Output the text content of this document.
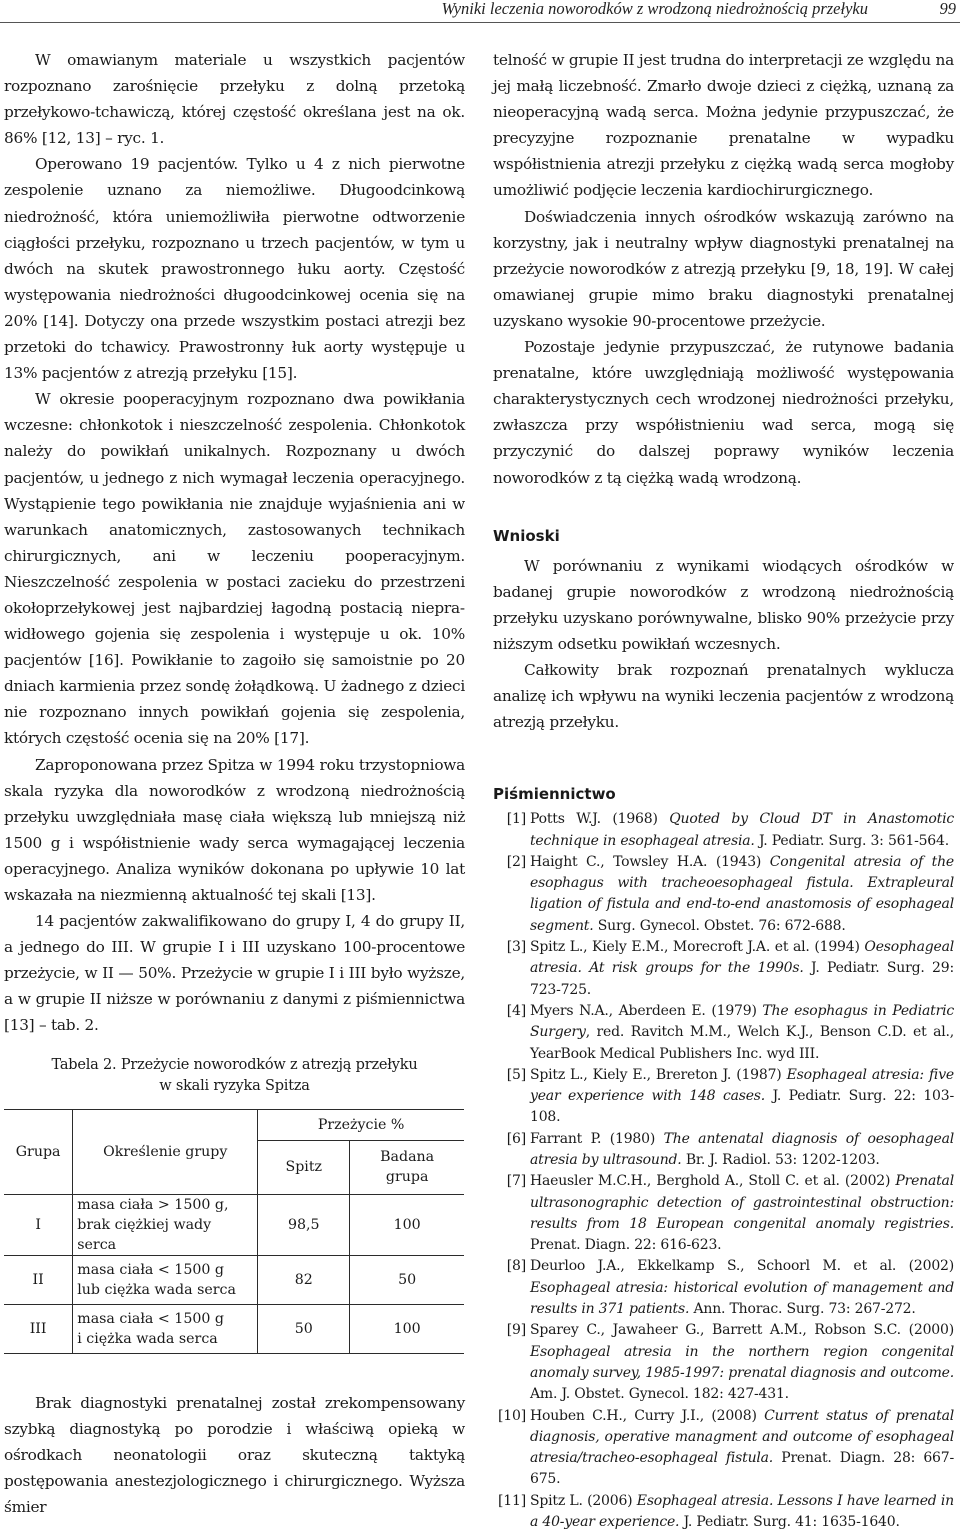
Wyniki leczenia noworodków z wrodzoną niedrożnością przełyku	99

W omawianym materiale u wszystkich pacjentów rozpoznano zarośnięcie przełyku z dolną przetoką przełykowo-tchawiczą, której częstość określana jest na ok. 86% [12, 13] – ryc. 1.

Operowano 19 pacjentów. Tylko u 4 z nich pierwotne zespolenie uznano za niemożliwe. Długoodcinkową niedrożność, która uniemożliwiła pierwotne odtworzenie ciągłości przełyku, rozpoznano u trzech pacjentów, w tym u dwóch na skutek prawostronnego łuku aorty. Częstość występowania niedrożności długoodcinkowej ocenia się na 20% [14]. Dotyczy ona przede wszystkim postaci atrezji bez przetoki do tchawicy. Prawostronny łuk aorty występuje u 13% pacjentów z atrezją przełyku [15].

W okresie pooperacyjnym rozpoznano dwa powikłania wczesne: chłonkotok i nieszczelność zespolenia. Chłonkotok należy do powikłań unikalnych. Rozpoznany u dwóch pacjentów, u jednego z nich wymagał leczenia operacyjnego. Wystąpienie tego powikłania nie znajduje wyjaśnienia ani w warunkach anatomicznych, zastosowanych technikach chirurgicznych, ani w leczeniu pooperacyjnym. Nieszczelność zespolenia w postaci zacieku do przestrzeni okołoprzełykowej jest najbardziej łagodną postacią nieprawidłowego gojenia się zespolenia i występuje u ok. 10% pacjentów [16]. Powikłanie to zagoiło się samoistnie po 20 dniach karmienia przez sondę żołądkową. U żadnego z dzieci nie rozpoznano innych powikłań gojenia się zespolenia, których częstość ocenia się na 20% [17].

Zaproponowana przez Spitza w 1994 roku trzystopniowa skala ryzyka dla noworodków z wrodzoną niedrożnością przełyku uwzględniała masę ciała większą lub mniejszą niż 1500 g i współistnienie wady serca wymagającej leczenia operacyjnego. Analiza wyników dokonana po upływie 10 lat wskazała na niezmienną aktualność tej skali [13].

14 pacjentów zakwalifikowano do grupy I, 4 do grupy II, a jednego do III. W grupie I i III uzyskano 100-procentowe przeżycie, w II — 50%. Przeżycie w grupie I i III było wyższe, a w grupie II niższe w porównaniu z danymi z piśmiennictwa [13] – tab. 2.

Tabela 2. Przeżycie noworodków z atrezją przełyku
w skali ryzyka Spitza
Grupa	Określenie grupy	Przeżycie %	
		Spitz	Badana grupa
I	masa ciała > 1500 g,
brak ciężkiej wady serca	98,5	100
II	masa ciała < 1500 g
lub ciężka wada serca	82	50
III	masa ciała < 1500 g
i ciężka wada serca	50	100

Brak diagnostyki prenatalnej został zrekompensowany szybką diagnostyką po porodzie i właściwą opieką w ośrodkach neonatologii oraz skuteczną taktyką postępowania anestezjologicznego i chirurgicznego. Wyższa śmier

telność w grupie II jest trudna do interpretacji ze względu na jej małą liczebność. Zmarło dwoje dzieci z ciężką, uznaną za nieoperacyjną wadą serca. Można jedynie przypuszczać, że precyzyjne rozpoznanie prenatalne w wypadku współistnienia atrezji przełyku z ciężką wadą serca mogłoby umożliwić podjęcie leczenia kardiochirurgicznego.

Doświadczenia innych ośrodków wskazują zarówno na korzystny, jak i neutralny wpływ diagnostyki prenatalnej na przeżycie noworodków z atrezją przełyku [9, 18, 19]. W całej omawianej grupie mimo braku diagnostyki prenatalnej uzyskano wysokie 90-procentowe przeżycie.

Pozostaje jedynie przypuszczać, że rutynowe badania prenatalne, które uwzględniają możliwość występowania charakterystycznych cech wrodzonej niedrożności przełyku, zwłaszcza przy współistnieniu wad serca, mogą się przyczynić do dalszej poprawy wyników leczenia noworodków z tą ciężką wadą wrodzoną.

Wnioski

W porównaniu z wynikami wiodących ośrodków w badanej grupie noworodków z wrodzoną niedrożnością przełyku uzyskano porównywalne, blisko 90% przeżycie przy niższym odsetku powikłań wczesnych.

Całkowity brak rozpoznań prenatalnych wyklucza analizę ich wpływu na wyniki leczenia pacjentów z wrodzoną atrezją przełyku.

Piśmiennictwo
[1] Potts W.J. (1968) Quoted by Cloud DT in Anastomotic technique in esophageal atresia. J. Pediatr. Surg. 3: 561-564.
[2] Haight C., Towsley H.A. (1943) Congenital atresia of the esophagus with tracheoesophageal fistula. Extrapleural ligation of fistula and end-to-end anastomosis of esophageal segment. Surg. Gynecol. Obstet. 76: 672-688.
[3] Spitz L., Kiely E.M., Morecroft J.A. et al. (1994) Oesophageal atresia. At risk groups for the 1990s. J. Pediatr. Surg. 29: 723-725.
[4] Myers N.A., Aberdeen E. (1979) The esophagus in Pediatric Surgery, red. Ravitch M.M., Welch K.J., Benson C.D. et al., YearBook Medical Publishers Inc. wyd III.
[5] Spitz L., Kiely E., Brereton J. (1987) Esophageal atresia: five year experience with 148 cases. J. Pediatr. Surg. 22: 103-108.
[6] Farrant P. (1980) The antenatal diagnosis of oesophageal atresia by ultrasound. Br. J. Radiol. 53: 1202-1203.
[7] Haeusler M.C.H., Berghold A., Stoll C. et al. (2002) Prenatal ultrasonographic detection of gastrointestinal obstruction: results from 18 European congenital anomaly registries. Prenat. Diagn. 22: 616-623.
[8] Deurloo J.A., Ekkelkamp S., Schoorl M. et al. (2002) Esophageal atresia: historical evolution of management and results in 371 patients. Ann. Thorac. Surg. 73: 267-272.
[9] Sparey C., Jawaheer G., Barrett A.M., Robson S.C. (2000) Esophageal atresia in the northern region congenital anomaly survey, 1985-1997: prenatal diagnosis and outcome. Am. J. Obstet. Gynecol. 182: 427-431.
[10] Houben C.H., Curry J.I., (2008) Current status of prenatal diagnosis, operative managment and outcome of esophageal atresia/tracheo-esophageal fistula. Prenat. Diagn. 28: 667-675.
[11] Spitz L. (2006) Esophageal atresia. Lessons I have learned in a 40-year experience. J. Pediatr. Surg. 41: 1635-1640.
